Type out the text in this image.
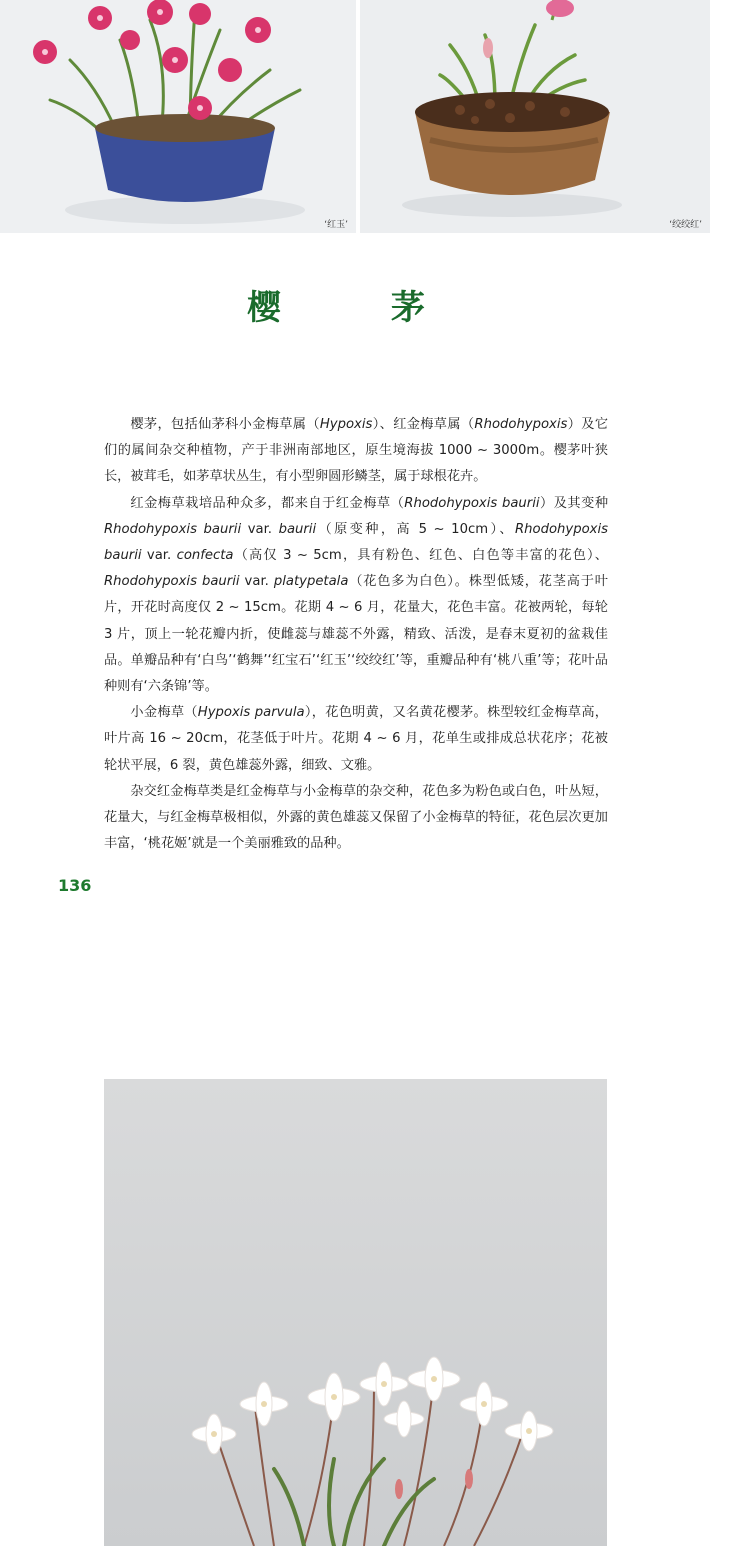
‘红玉’	‘绞绞红’
樱　茅

樱茅，包括仙茅科小金梅草属（Hypoxis）、红金梅草属（Rhodohypoxis）及它们的属间杂交种植物，产于非洲南部地区，原生境海拔 1000 ~ 3000m。樱茅叶狭长，被茸毛，如茅草状丛生，有小型卵圆形鳞茎，属于球根花卉。

红金梅草栽培品种众多，都来自于红金梅草（Rhodohypoxis baurii）及其变种 Rhodohypoxis baurii var. baurii（原变种，高 5 ~ 10cm）、Rhodohypoxis baurii var. confecta（高仅 3 ~ 5cm，具有粉色、红色、白色等丰富的花色）、Rhodohypoxis baurii var. platypetala（花色多为白色）。株型低矮，花茎高于叶片，开花时高度仅 2 ~ 15cm。花期 4 ~ 6 月，花量大，花色丰富。花被两轮，每轮 3 片，顶上一轮花瓣内折，使雌蕊与雄蕊不外露，精致、活泼，是春末夏初的盆栽佳品。单瓣品种有‘白鸟’‘鹤舞’‘红宝石’‘红玉’‘绞绞红’等，重瓣品种有‘桃八重’等；花叶品种则有‘六条锦’等。

小金梅草（Hypoxis parvula），花色明黄，又名黄花樱茅。株型较红金梅草高，叶片高 16 ~ 20cm，花茎低于叶片。花期 4 ~ 6 月，花单生或排成总状花序；花被轮状平展，6 裂，黄色雄蕊外露，细致、文雅。

杂交红金梅草类是红金梅草与小金梅草的杂交种，花色多为粉色或白色，叶丛短，花量大，与红金梅草极相似，外露的黄色雄蕊又保留了小金梅草的特征，花色层次更加丰富，‘桃花姬’就是一个美丽雅致的品种。

136
